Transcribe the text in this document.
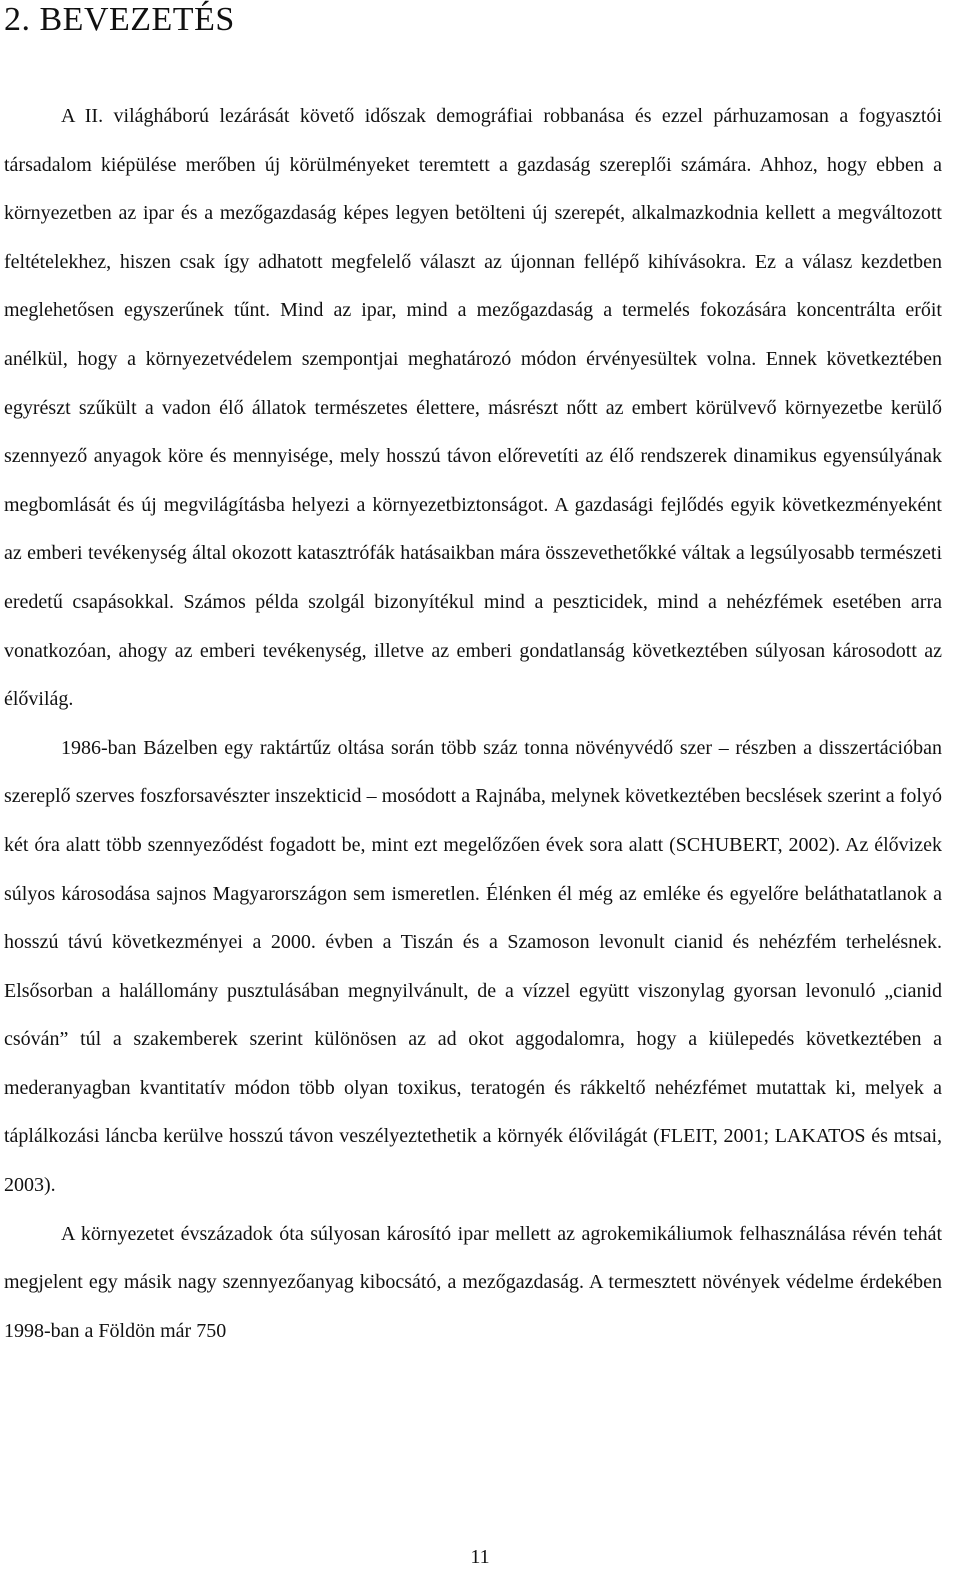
2. BEVEZETÉS

A II. világháború lezárását követő időszak demográfiai robbanása és ezzel párhuzamosan a fogyasztói társadalom kiépülése merőben új körülményeket teremtett a gazdaság szereplői számára. Ahhoz, hogy ebben a környezetben az ipar és a mezőgazdaság képes legyen betölteni új szerepét, alkalmazkodnia kellett a megváltozott feltételekhez, hiszen csak így adhatott megfelelő választ az újonnan fellépő kihívásokra. Ez a válasz kezdetben meglehetősen egyszerűnek tűnt. Mind az ipar, mind a mezőgazdaság a termelés fokozására koncentrálta erőit anélkül, hogy a környezetvédelem szempontjai meghatározó módon érvényesültek volna. Ennek következtében egyrészt szűkült a vadon élő állatok természetes élettere, másrészt nőtt az embert körülvevő környezetbe kerülő szennyező anyagok köre és mennyisége, mely hosszú távon előrevetíti az élő rendszerek dinamikus egyensúlyának megbomlását és új megvilágításba helyezi a környezetbiztonságot. A gazdasági fejlődés egyik következményeként az emberi tevékenység által okozott katasztrófák hatásaikban mára összevethetőkké váltak a legsúlyosabb természeti eredetű csapásokkal. Számos példa szolgál bizonyítékul mind a peszticidek, mind a nehézfémek esetében arra vonatkozóan, ahogy az emberi tevékenység, illetve az emberi gondatlanság következtében súlyosan károsodott az élővilág.

1986-ban Bázelben egy raktártűz oltása során több száz tonna növényvédő szer – részben a disszertációban szereplő szerves foszforsavészter inszekticid – mosódott a Rajnába, melynek következtében becslések szerint a folyó két óra alatt több szennyeződést fogadott be, mint ezt megelőzően évek sora alatt (SCHUBERT, 2002). Az élővizek súlyos károsodása sajnos Magyarországon sem ismeretlen. Élénken él még az emléke és egyelőre beláthatatlanok a hosszú távú következményei a 2000. évben a Tiszán és a Szamoson levonult cianid és nehézfém terhelésnek. Elsősorban a halállomány pusztulásában megnyilvánult, de a vízzel együtt viszonylag gyorsan levonuló „cianid csóván” túl a szakemberek szerint különösen az ad okot aggodalomra, hogy a kiülepedés következtében a mederanyagban kvantitatív módon több olyan toxikus, teratogén és rákkeltő nehézfémet mutattak ki, melyek a táplálkozási láncba kerülve hosszú távon veszélyeztethetik a környék élővilágát (FLEIT, 2001; LAKATOS és mtsai, 2003).

A környezetet évszázadok óta súlyosan károsító ipar mellett az agrokemikáliumok felhasználása révén tehát megjelent egy másik nagy szennyezőanyag kibocsátó, a mezőgazdaság. A termesztett növények védelme érdekében 1998-ban a Földön már 750

11
